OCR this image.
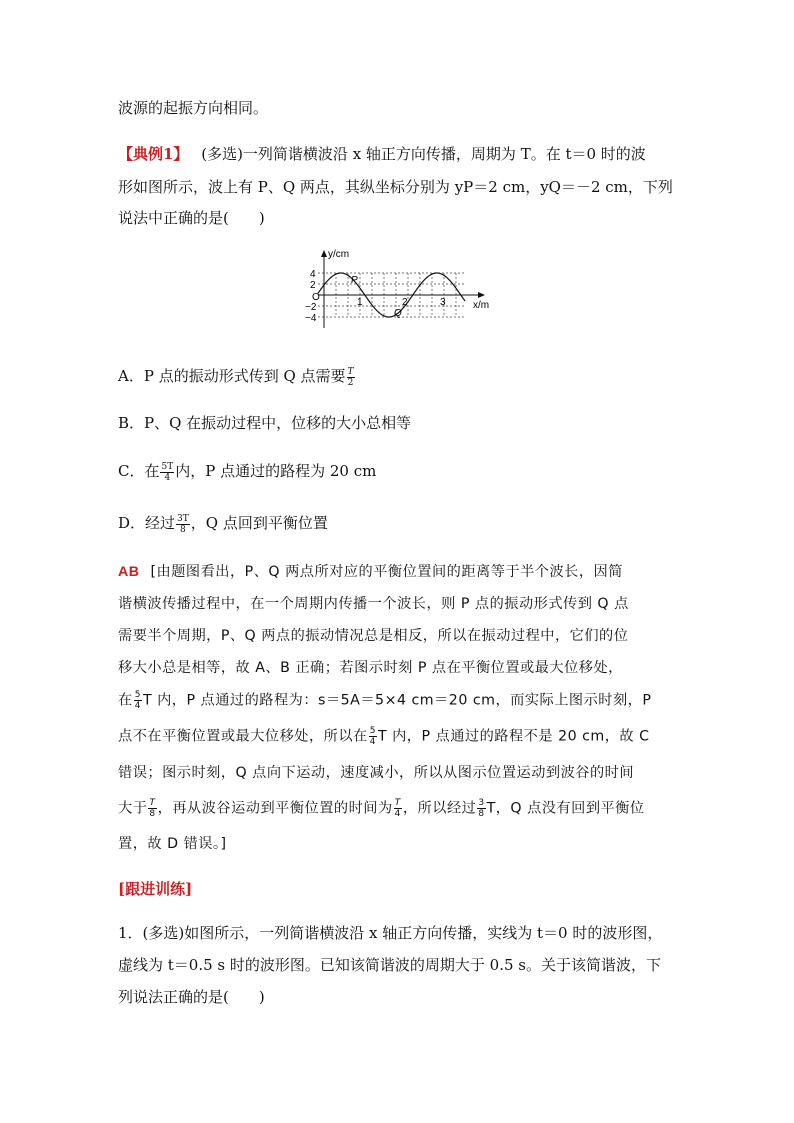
波源的起振方向相同。
【典例1】 (多选)一列简谐横波沿 x 轴正方向传播，周期为 T。在 t＝0 时的波
形如图所示，波上有 P、Q 两点，其纵坐标分别为 yP＝2 cm，yQ＝－2 cm，下列
说法中正确的是(　　)
y/cm
x/m
O
4
2
−2
−4
1	2	3
P
Q
A．P 点的振动形式传到 Q 点需要 $\frac{T}{2}$
B．P、Q 在振动过程中，位移的大小总相等
C．在 $\frac{5T}{4}$ 内，P 点通过的路程为 20 cm
D．经过 $\frac{3T}{8}$ ，Q 点回到平衡位置
AB [由题图看出，P、Q 两点所对应的平衡位置间的距离等于半个波长，因简
谐横波传播过程中，在一个周期内传播一个波长，则 P 点的振动形式传到 Q 点
需要半个周期，P、Q 两点的振动情况总是相反，所以在振动过程中，它们的位
移大小总是相等，故 A、B 正确；若图示时刻 P 点在平衡位置或最大位移处，
在 $\frac{5}{4}$ T 内，P 点通过的路程为：s＝5A＝5×4 cm＝20 cm，而实际上图示时刻，P
点不在平衡位置或最大位移处，所以在 $\frac{5}{4}$ T 内，P 点通过的路程不是 20 cm，故 C
错误；图示时刻，Q 点向下运动，速度减小，所以从图示位置运动到波谷的时间
大于 $\frac{T}{8}$ ，再从波谷运动到平衡位置的时间为 $\frac{T}{4}$ ，所以经过 $\frac{3}{8}$ T，Q 点没有回到平衡位
置，故 D 错误。]
[跟进训练]
1．(多选)如图所示，一列简谐横波沿 x 轴正方向传播，实线为 t＝0 时的波形图，
虚线为 t＝0.5 s 时的波形图。已知该简谐波的周期大于 0.5 s。关于该简谐波，下
列说法正确的是(　　)
